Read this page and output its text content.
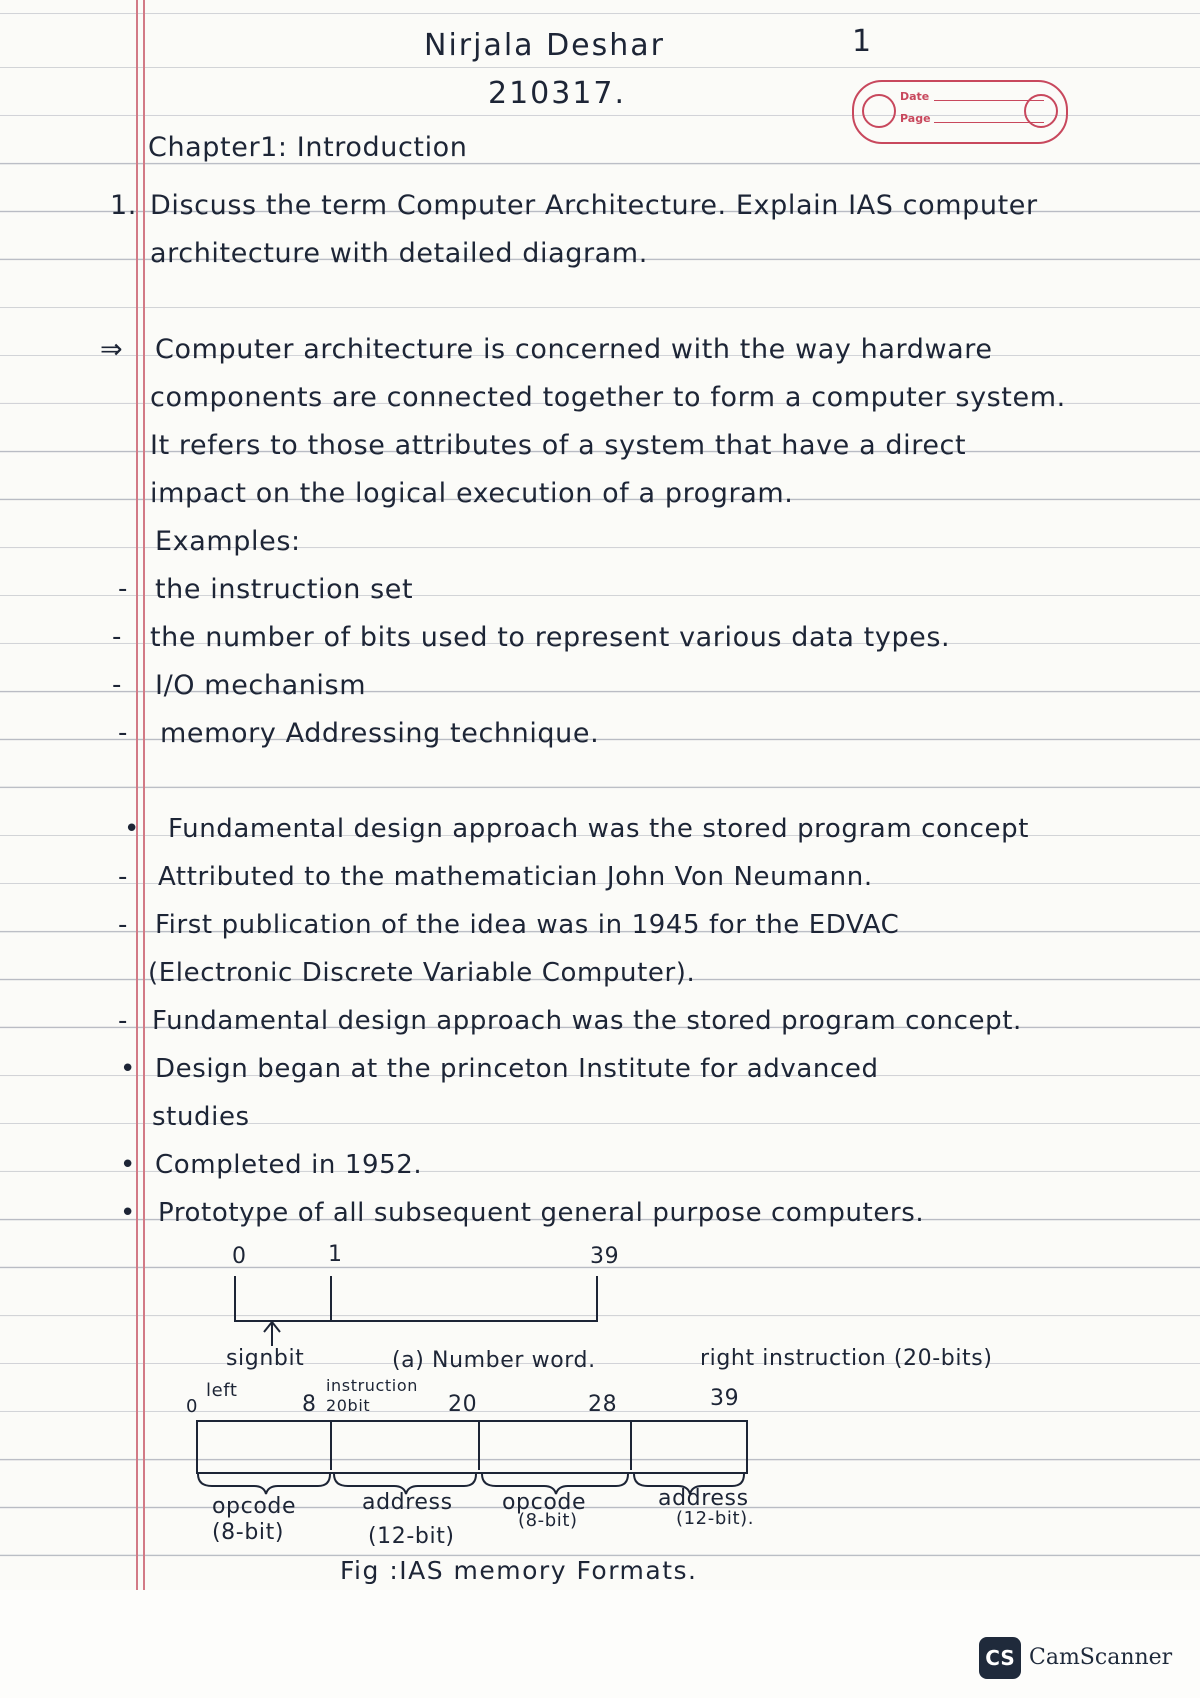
Nirjala Deshar
210317.
1
Date
Page
Chapter1: Introduction
1. Discuss the term Computer Architecture. Explain IAS computer
architecture with detailed diagram.
⇒ Computer architecture is concerned with the way hardware
components are connected together to form a computer system.
It refers to those attributes of a system that have a direct
impact on the logical execution of a program.
Examples:
- the instruction set
- the number of bits used to represent various data types.
- I/O mechanism
- memory Addressing technique.
• Fundamental design approach was the stored program concept
- Attributed to the mathematician John Von Neumann.
- First publication of the idea was in 1945 for the EDVAC
(Electronic Discrete Variable Computer).
- Fundamental design approach was the stored program concept.
• Design began at the princeton Institute for advanced
studies
• Completed in 1952.
• Prototype of all subsequent general purpose computers.
0	1	39
signbit	(a) Number word.	right instruction (20-bits)
0
left
8
instruction
20bit	20	28	39
opcode
(8-bit)
address
(12-bit)
opcode
(8-bit)
address
(12-bit).
Fig :IAS memory Formats.
CS CamScanner
